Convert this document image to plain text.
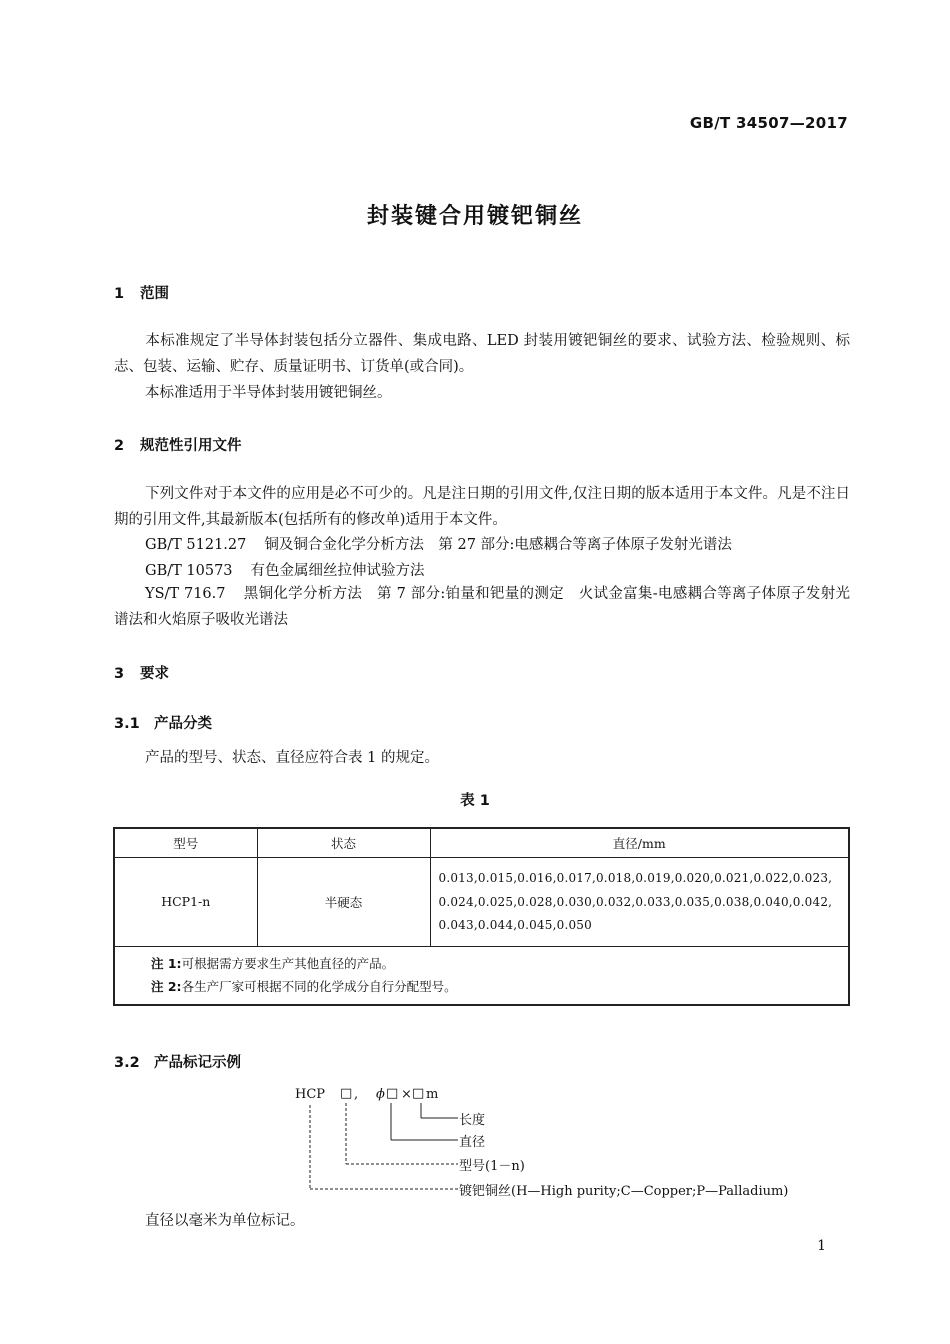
GB/T 34507—2017
封装键合用镀钯铜丝
1 范围
本标准规定了半导体封装包括分立器件、集成电路、LED 封装用镀钯铜丝的要求、试验方法、检验规则、标志、包装、运输、贮存、质量证明书、订货单(或合同)。
本标准适用于半导体封装用镀钯铜丝。
2 规范性引用文件
下列文件对于本文件的应用是必不可少的。凡是注日期的引用文件,仅注日期的版本适用于本文件。凡是不注日期的引用文件,其最新版本(包括所有的修改单)适用于本文件。
GB/T 5121.27 铜及铜合金化学分析方法　第 27 部分:电感耦合等离子体原子发射光谱法
GB/T 10573 有色金属细丝拉伸试验方法
YS/T 716.7 黑铜化学分析方法　第 7 部分:铂量和钯量的测定　火试金富集-电感耦合等离子体原子发射光谱法和火焰原子吸收光谱法
3 要求
3.1 产品分类
产品的型号、状态、直径应符合表 1 的规定。
表 1
型号	状态	直径/mm
HCP1-n	半硬态	0.013,0.015,0.016,0.017,0.018,0.019,0.020,0.021,0.022,0.023,
0.024,0.025,0.028,0.030,0.032,0.033,0.035,0.038,0.040,0.042,
0.043,0.044,0.045,0.050

注 1:可根据需方要求生产其他直径的产品。
注 2:各生产厂家可根据不同的化学成分自行分配型号。		
3.2 产品标记示例
HCP □ , ϕ □ × □ m
长度
直径
型号(1－n)
镀钯铜丝(H—High purity;C—Copper;P—Palladium)
直径以毫米为单位标记。
1
